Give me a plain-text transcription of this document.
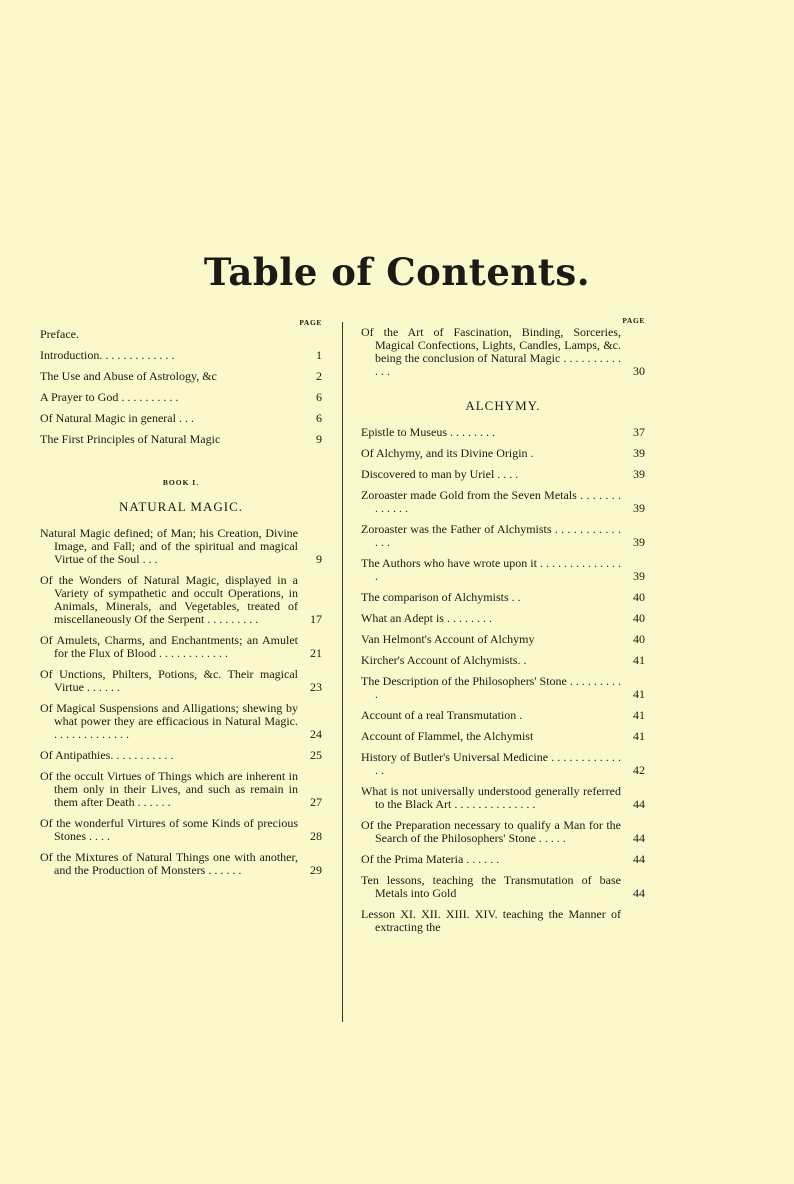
Table of Contents.
PAGE
Preface.
Introduction. . . . . . . . . . . . .	1
The Use and Abuse of Astrology, &c	2
A Prayer to God . . . . . . . . . .	6
Of Natural Magic in general . . .	6
The First Principles of Natural Magic	9
BOOK I.
NATURAL MAGIC.
Natural Magic defined; of Man; his Creation, Divine Image, and Fall; and of the spiritual and magical Virtue of the Soul . . .	9
Of the Wonders of Natural Magic, displayed in a Variety of sympathetic and occult Operations, in Animals, Minerals, and Vegetables, treated of miscellaneously Of the Serpent . . . . . . . . .	17
Of Amulets, Charms, and Enchantments; an Amulet for the Flux of Blood . . . . . . . . . . . .	21
Of Unctions, Philters, Potions, &c. Their magical Virtue . . . . . .	23
Of Magical Suspensions and Alligations; shewing by what power they are efficacious in Natural Magic. . . . . . . . . . . . . .	24
Of Antipathies. . . . . . . . . . .	25
Of the occult Virtues of Things which are inherent in them only in their Lives, and such as remain in them after Death . . . . . .	27
Of the wonderful Virtures of some Kinds of precious Stones . . . .	28
Of the Mixtures of Natural Things one with another, and the Production of Monsters . . . . . .	29
PAGE
Of the Art of Fascination, Binding, Sorceries, Magical Confections, Lights, Candles, Lamps, &c. being the conclusion of Natural Magic . . . . . . . . . . . . .	30
ALCHYMY.
Epistle to Museus . . . . . . . .	37
Of Alchymy, and its Divine Origin .	39
Discovered to man by Uriel . . . .	39
Zoroaster made Gold from the Seven Metals . . . . . . . . . . . . .	39
Zoroaster was the Father of Alchymists . . . . . . . . . . . . . .	39
The Authors who have wrote upon it . . . . . . . . . . . . . . .	39
The comparison of Alchymists . .	40
What an Adept is . . . . . . . .	40
Van Helmont's Account of Alchymy	40
Kircher's Account of Alchymists. .	41
The Description of the Philosophers' Stone . . . . . . . . . .	41
Account of a real Transmutation .	41
Account of Flammel, the Alchymist	41
History of Butler's Universal Medicine . . . . . . . . . . . . . .	42
What is not universally understood generally referred to the Black Art . . . . . . . . . . . . . .	44
Of the Preparation necessary to qualify a Man for the Search of the Philosophers' Stone . . . . .	44
Of the Prima Materia . . . . . .	44
Ten lessons, teaching the Transmutation of base Metals into Gold	44
Lesson XI. XII. XIII. XIV. teaching the Manner of extracting the
